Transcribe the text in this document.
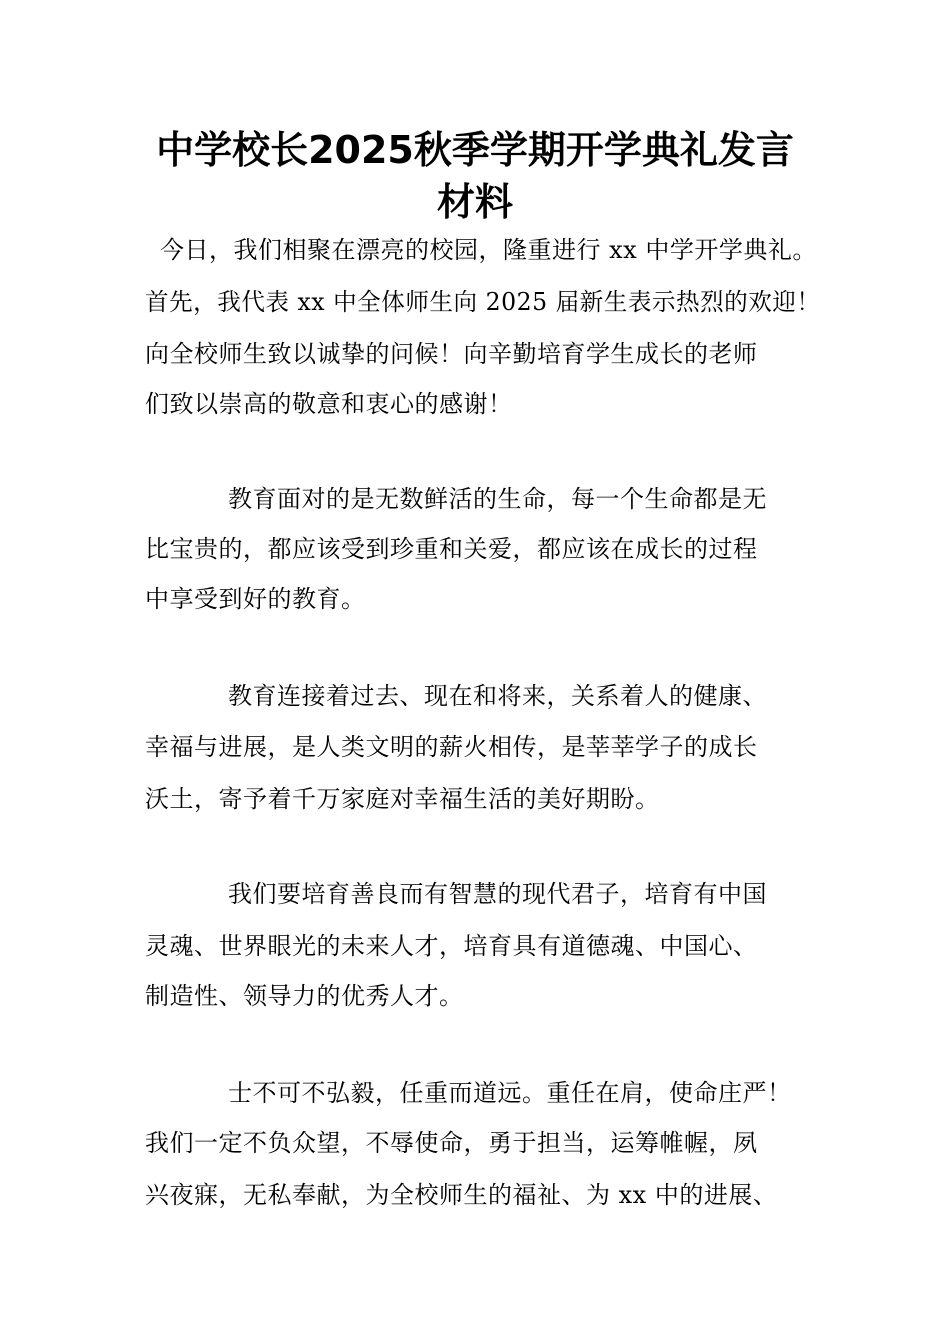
中学校长2025秋季学期开学典礼发言
材料
今日，我们相聚在漂亮的校园，隆重进行 xx 中学开学典礼。
首先，我代表 xx 中全体师生向 2025 届新生表示热烈的欢迎！
向全校师生致以诚挚的问候！向辛勤培育学生成长的老师
们致以崇高的敬意和衷心的感谢！
教育面对的是无数鲜活的生命，每一个生命都是无
比宝贵的，都应该受到珍重和关爱，都应该在成长的过程
中享受到好的教育。
教育连接着过去、现在和将来，关系着人的健康、
幸福与进展，是人类文明的薪火相传，是莘莘学子的成长
沃土，寄予着千万家庭对幸福生活的美好期盼。
我们要培育善良而有智慧的现代君子，培育有中国
灵魂、世界眼光的未来人才，培育具有道德魂、中国心、
制造性、领导力的优秀人才。
士不可不弘毅，任重而道远。重任在肩，使命庄严！
我们一定不负众望，不辱使命，勇于担当，运筹帷幄，夙
兴夜寐，无私奉献，为全校师生的福祉、为 xx 中的进展、
